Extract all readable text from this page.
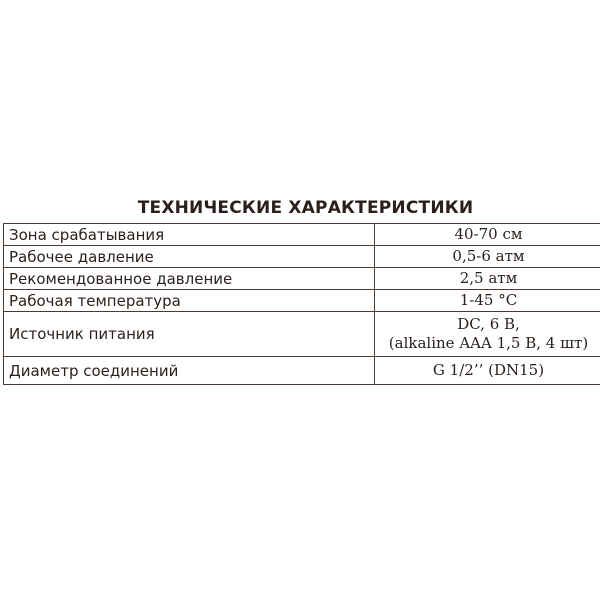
ТЕХНИЧЕСКИЕ ХАРАКТЕРИСТИКИ
Зона срабатывания	40-70 см

Рабочее давление	0,5-6 атм

Рекомендованное давление	2,5 атм

Рабочая температура	1-45 °C

Источник питания	DC, 6 В,
(alkaline AAA 1,5 В, 4 шт)

Диаметр соединений	G 1/2’’ (DN15)
